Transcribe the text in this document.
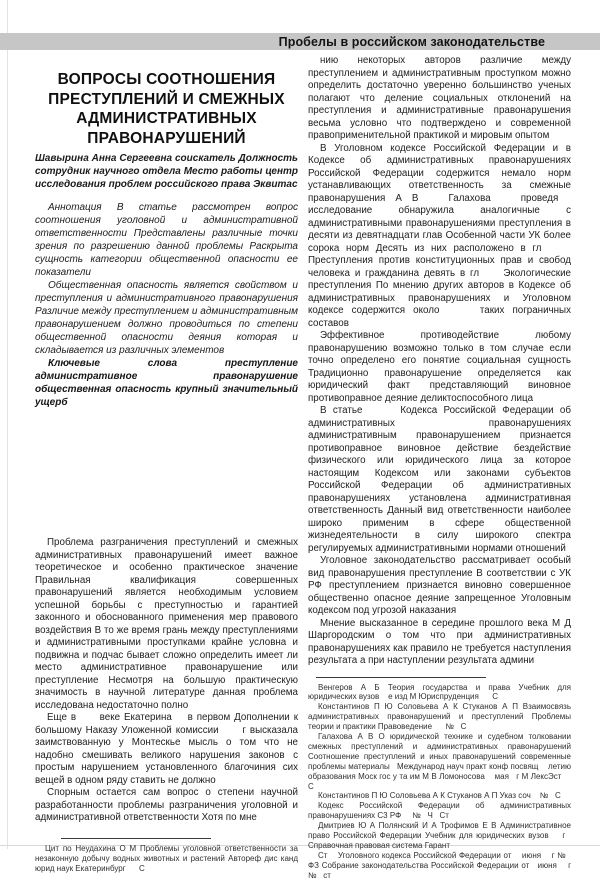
Пробелы в российском законодательстве
ВОПРОСЫ СООТНОШЕНИЯ ПРЕСТУПЛЕНИЙ И СМЕЖНЫХ АДМИНИСТРАТИВНЫХ ПРАВОНАРУШЕНИЙ

Шавырина Анна Сергеевна соискатель Должность сотрудник научного отдела Место работы центр исследования проблем российского права Эквитас

Аннотация В статье рассмотрен вопрос соотношения уголовной и административной ответственности Представлены различные точки зрения по разрешению данной проблемы Раскрыта сущность категории общественной опасности ее показатели

Общественная опасность является свойством и преступления и административного правонарушения Различие между преступлением и административным правонарушением должно проводиться по степени общественной опасности деяния которая и складывается из различных элементов

Ключевые слова преступление административное правонарушение общественная опасность крупный значительный ущерб

Проблема разграничения преступлений и смежных административных правонарушений имеет важное теоретическое и особенно практическое значение Правильная квалификация совершенных правонарушений является необходимым условием успешной борьбы с преступностью и гарантией законного и обоснованного применения мер правового воздействия В то же время грань между преступлениями и административными проступками крайне условна и подвижна и подчас бывает сложно определить имеет ли место административное правонарушение или преступление Несмотря на большую практическую значимость в научной литературе данная проблема исследована недостаточно полно

Еще в      веке Екатерина    в первом Дополнении к большому Наказу Уложенной комиссии      г высказала заимствованную у Монтескье мысль о том что не надобно смешивать великого нарушения законов с простым нарушением установленного благочиния сих вещей в одном ряду ставить не должно

Спорным остается сам вопрос о степени научной разработанности проблемы разграничения уголовной и административной ответственности Хотя по мне

Цит по Неудахина О М Проблемы уголовной ответственности за незаконную добычу водных животных и растений Автореф дис канд юрид наук Екатеринбург      С

нию некоторых авторов различие между преступлением и административным проступком можно определить достаточно уверенно большинство ученых полагают что деление социальных отклонений на преступления и административные правонарушения весьма условно что подтверждено и современной правоприменительной практикой и мировым опытом

В Уголовном кодексе Российской Федерации и в Кодексе об административных правонарушениях Российской Федерации содержится немало норм устанавливающих ответственность за смежные правонарушения А В   Галахова   проведя   исследование обнаружила аналогичные с административными правонарушениями преступления в десяти из девятнадцати глав Особенной части УК более сорока норм Десять из них расположено в гл      Преступления против конституционных прав и свобод человека и гражданина девять в гл     Экологические преступления По мнению других авторов в Кодексе об административных правонарушениях и Уголовном кодексе содержится около     таких пограничных составов

Эффективное противодействие любому правонарушению возможно только в том случае если точно определено его понятие социальная сущность Традиционно правонарушение определяется как юридический факт представляющий виновное противоправное деяние деликтоспособного лица

В статье      Кодекса Российской Федерации об административных правонарушениях административным правонарушением признается противоправное виновное действие бездействие физического или юридического лица за которое настоящим Кодексом или законами субъектов Российской Федерации об административных правонарушениях установлена административная ответственность Данный вид ответственности наиболее широко применим в сфере общественной жизнедеятельности в силу широкого спектра регулируемых административными нормами отношений

Уголовное законодательство рассматривает особый вид правонарушения преступление В соответствии с УК РФ преступлением признается виновно совершенное общественно опасное деяние запрещенное Уголовным кодексом под угрозой наказания

Мнение высказанное в середине прошлого века М Д Шаргородским о том что при административных правонарушениях как правило не требуется наступления результата а при наступлении результата админи

Венгеров А Б Теория государства и права Учебник для юридических вузов    е изд М Юриспруденция      С

Константинов П Ю Соловьева А К Стуканов А П Взаимосвязь административных правонарушений и преступлений Проблемы теории и практики Правоведение      №   С

Галахова А В О юридической технике и судебном толковании смежных преступлений и административных правонарушений Соотношение преступлений и иных правонарушений современные проблемы материалы   Международ науч практ конф посвящ    летию образования Моск гос у та им М В Ломоносова    мая   г М ЛексЭст     С

Константинов П Ю Соловьева А К Стуканов А П Указ соч    №   С

Кодекс Российской Федерации об административных правонарушениях С3 РФ     №   Ч   Ст

Дмитриев Ю А Полянский И А Трофимов Е В Административное право Российской Федерации Учебник для юридических вузов    г   Справочная правовая система Гарант

Ст    Уголовного кодекса Российской Федерации от    июня    г №   ФЗ Собрание законодательства Российской Федерации от   июня    г №   ст
